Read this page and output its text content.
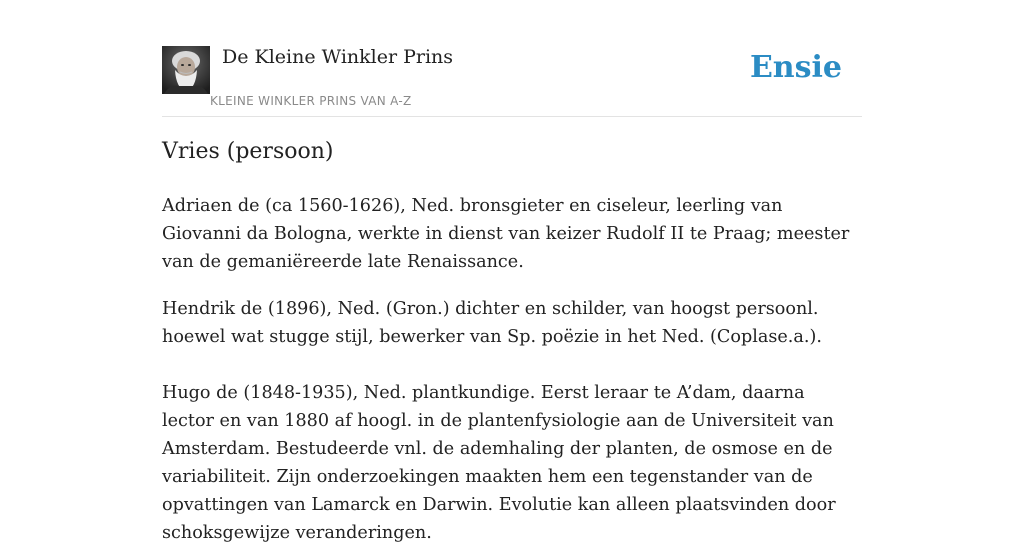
De Kleine Winkler Prins
KLEINE WINKLER PRINS VAN A-Z
Ensie
Vries (persoon)

Adriaen de (ca 1560-1626), Ned. bronsgieter en ciseleur, leerling van Giovanni da Bologna, werkte in dienst van keizer Rudolf II te Praag; meester van de gemaniëreerde late Renaissance.

Hendrik de (1896), Ned. (Gron.) dichter en schilder, van hoogst persoonl. hoewel wat stugge stijl, bewerker van Sp. poëzie in het Ned. (Coplase.a.).

Hugo de (1848-1935), Ned. plantkundige. Eerst leraar te A’dam, daarna lector en van 1880 af hoogl. in de plantenfysiologie aan de Universiteit van Amsterdam. Bestudeerde vnl. de ademhaling der planten, de osmose en de variabiliteit. Zijn onderzoekingen maakten hem een tegenstander van de opvattingen van Lamarck en Darwin. Evolutie kan alleen plaatsvinden door schoksgewijze veranderingen.
